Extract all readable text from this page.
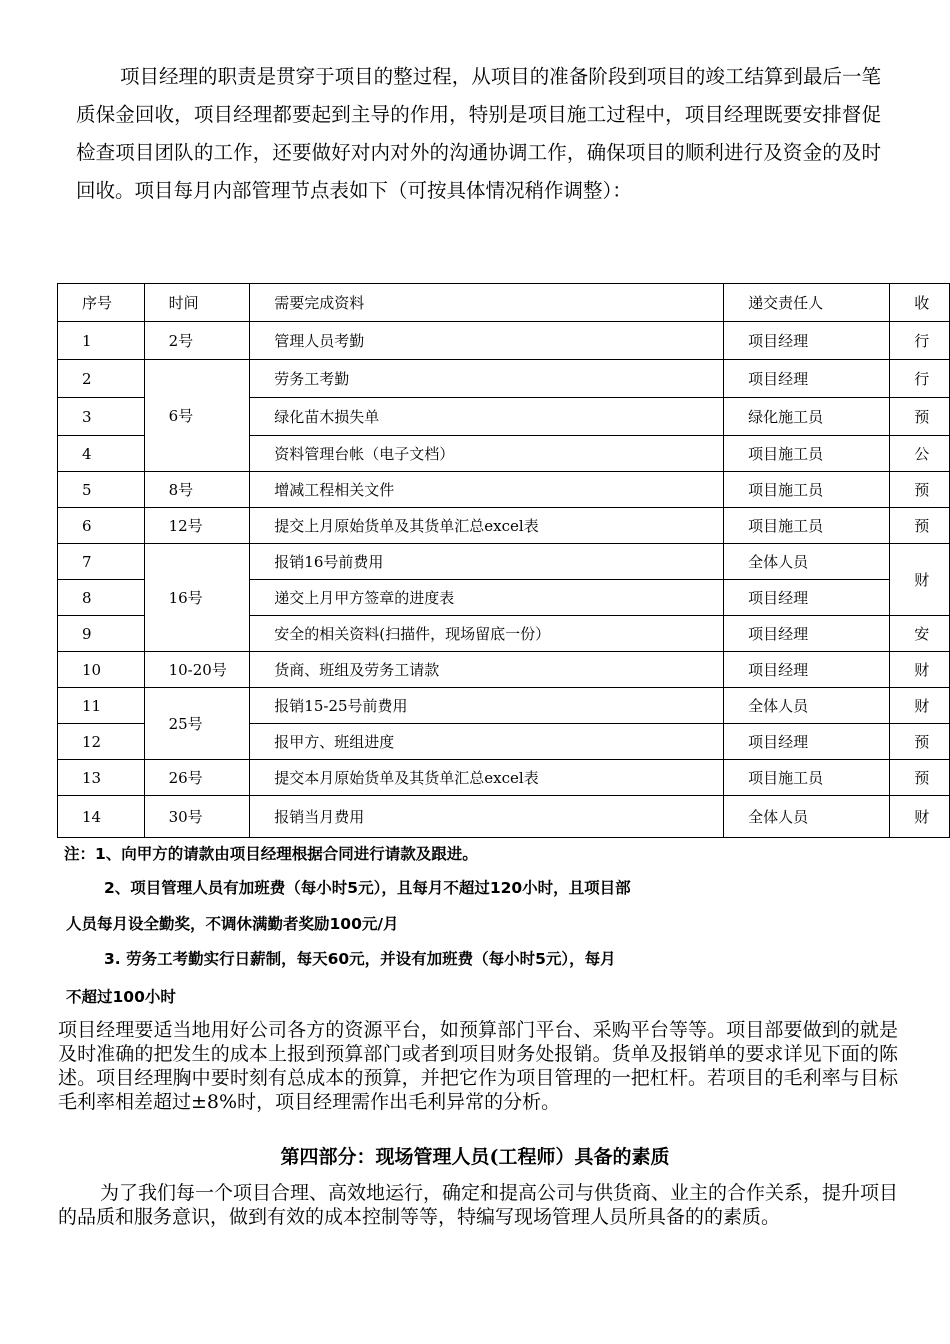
项目经理的职责是贯穿于项目的整过程，从项目的准备阶段到项目的竣工结算到最后一笔质保金回收，项目经理都要起到主导的作用，特别是项目施工过程中，项目经理既要安排督促检查项目团队的工作，还要做好对内对外的沟通协调工作，确保项目的顺利进行及资金的及时回收。项目每月内部管理节点表如下（可按具体情况稍作调整）：
序号	时间	需要完成资料	递交责任人	收
1	2号	管理人员考勤	项目经理	行
2	6号	劳务工考勤	项目经理	行
3		绿化苗木损失单	绿化施工员	预
4		资料管理台帐（电子文档）	项目施工员	公
5	8号	增减工程相关文件	项目施工员	预
6	12号	提交上月原始货单及其货单汇总excel表	项目施工员	预
7	16号	报销16号前费用	全体人员	财
8		递交上月甲方签章的进度表	项目经理	
9		安全的相关资料(扫描件，现场留底一份）	项目经理	安
10	10-20号	货商、班组及劳务工请款	项目经理	财
11	25号	报销15-25号前费用	全体人员	财
12		报甲方、班组进度	项目经理	预
13	26号	提交本月原始货单及其货单汇总excel表	项目施工员	预
14	30号	报销当月费用	全体人员	财
注：1、向甲方的请款由项目经理根据合同进行请款及跟进。
2、项目管理人员有加班费（每小时5元），且每月不超过120小时，且项目部
人员每月设全勤奖，不调休满勤者奖励100元/月
3. 劳务工考勤实行日薪制，每天60元，并设有加班费（每小时5元），每月
不超过100小时
项目经理要适当地用好公司各方的资源平台，如预算部门平台、采购平台等等。项目部要做到的就是及时准确的把发生的成本上报到预算部门或者到项目财务处报销。货单及报销单的要求详见下面的陈述。项目经理胸中要时刻有总成本的预算，并把它作为项目管理的一把杠杆。若项目的毛利率与目标毛利率相差超过±8%时，项目经理需作出毛利异常的分析。
第四部分：现场管理人员(工程师）具备的素质
为了我们每一个项目合理、高效地运行，确定和提高公司与供货商、业主的合作关系，提升项目的品质和服务意识，做到有效的成本控制等等，特编写现场管理人员所具备的的素质。
